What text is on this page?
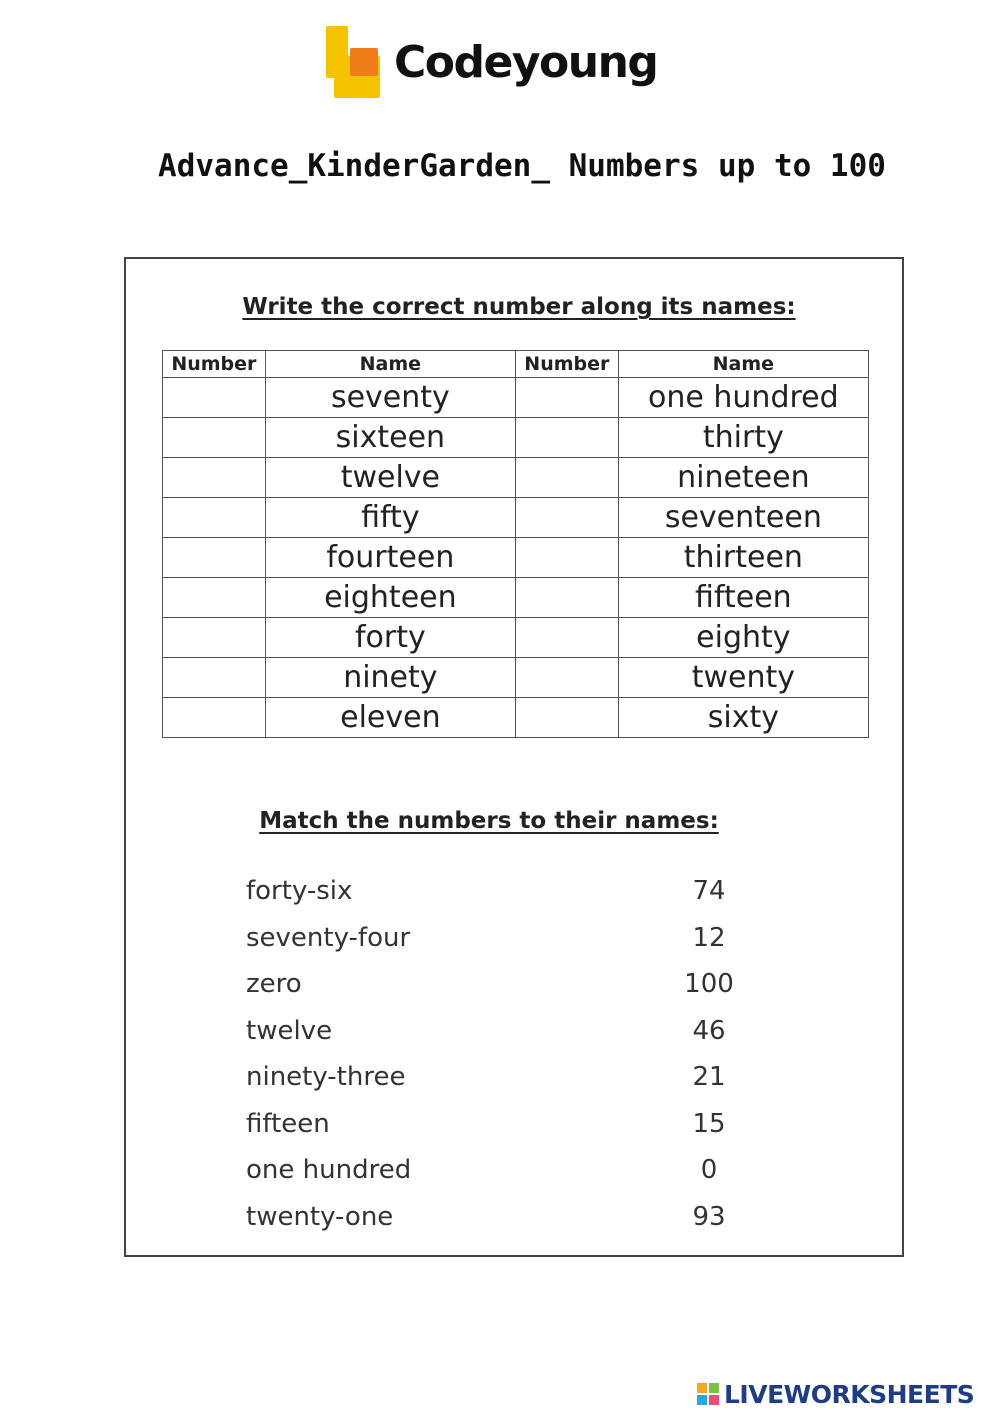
Codeyoung
Advance_KinderGarden_ Numbers up to 100
Write the correct number along its names:
Number	Name	Number	Name
	seventy		one hundred
	sixteen		thirty
	twelve		nineteen
	fifty		seventeen
	fourteen		thirteen
	eighteen		fifteen
	forty		eighty
	ninety		twenty
	eleven		sixty
Match the numbers to their names:
forty-six	74
seventy-four	12
zero	100
twelve	46
ninety-three	21
fifteen	15
one hundred	0
twenty-one	93
LIVEWORKSHEETS
